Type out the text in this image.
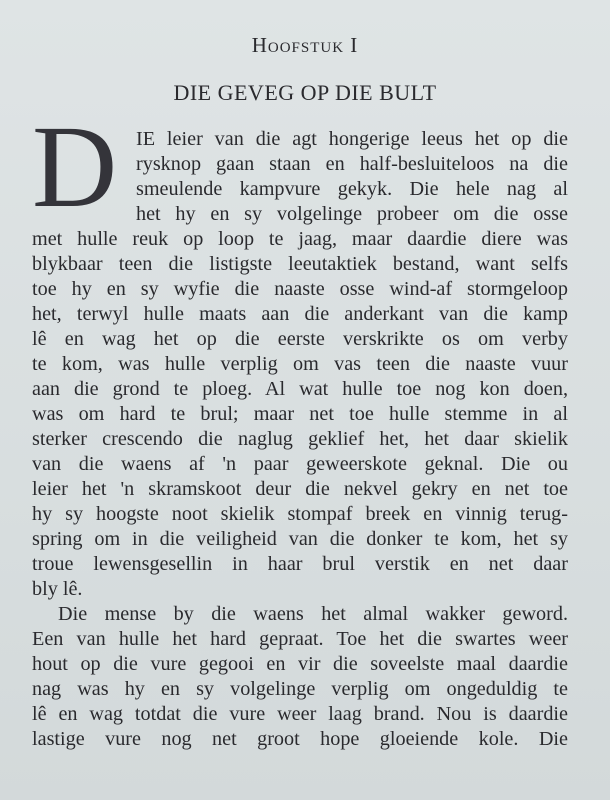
Hoofstuk I
DIE GEVEG OP DIE BULT
D IE leier van die agt hongerige leeus het op die
rysknop gaan staan en half-besluiteloos na die
smeulende kampvure gekyk. Die hele nag al
het hy en sy volgelinge probeer om die osse
met hulle reuk op loop te jaag, maar daardie diere was
blykbaar teen die listigste leeutaktiek bestand, want selfs
toe hy en sy wyfie die naaste osse wind-af stormgeloop
het, terwyl hulle maats aan die anderkant van die kamp
lê en wag het op die eerste verskrikte os om verby
te kom, was hulle verplig om vas teen die naaste vuur
aan die grond te ploeg. Al wat hulle toe nog kon doen,
was om hard te brul; maar net toe hulle stemme in al
sterker crescendo die naglug geklief het, het daar skielik
van die waens af 'n paar geweerskote geknal. Die ou
leier het 'n skramskoot deur die nekvel gekry en net toe
hy sy hoogste noot skielik stompaf breek en vinnig terug-
spring om in die veiligheid van die donker te kom, het sy
troue lewensgesellin in haar brul verstik en net daar
bly lê.
Die mense by die waens het almal wakker geword.
Een van hulle het hard gepraat. Toe het die swartes weer
hout op die vure gegooi en vir die soveelste maal daardie
nag was hy en sy volgelinge verplig om ongeduldig te
lê en wag totdat die vure weer laag brand. Nou is daardie
lastige vure nog net groot hope gloeiende kole. Die
